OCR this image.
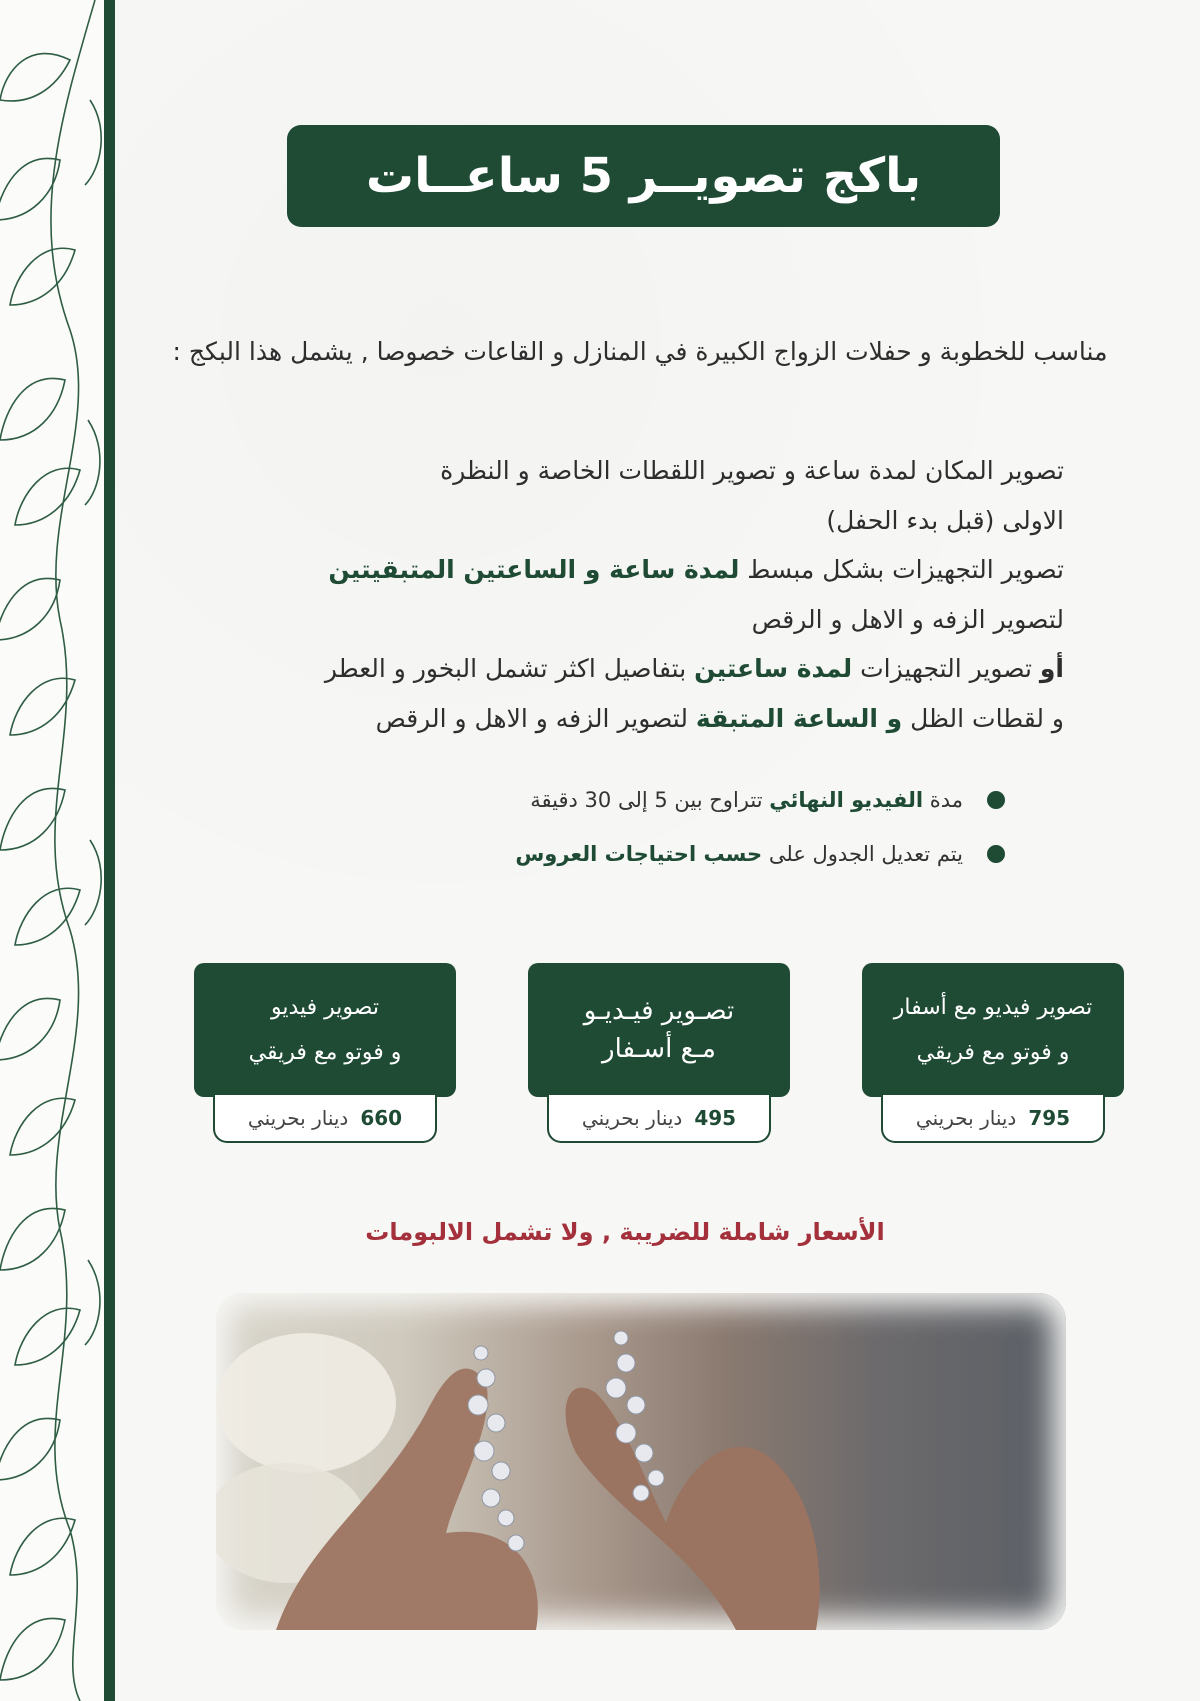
باكج تصويــر 5 ساعــات
مناسب للخطوبة و حفلات الزواج الكبيرة في المنازل و القاعات خصوصا , يشمل هذا البكج :
تصوير المكان لمدة ساعة و تصوير اللقطات الخاصة و النظرة
الاولى (قبل بدء الحفل)
تصوير التجهيزات بشكل مبسط لمدة ساعة و الساعتين المتبقيتين
لتصوير الزفه و الاهل و الرقص
أو تصوير التجهيزات لمدة ساعتين بتفاصيل اكثر تشمل البخور و العطر
و لقطات الظل و الساعة المتبقة لتصوير الزفه و الاهل و الرقص
مدة الفيديو النهائي تتراوح بين 5 إلى 30 دقيقة
يتم تعديل الجدول على حسب احتياجات العروس
تصوير فيديو مع أسفار
و فوتو مع فريقي
795
دينار بحريني
تصـوير فيـديـو
مـع أسـفار
495
دينار بحريني
تصوير فيديو
و فوتو مع فريقي
660
دينار بحريني
الأسعار شاملة للضريبة , ولا تشمل الالبومات
